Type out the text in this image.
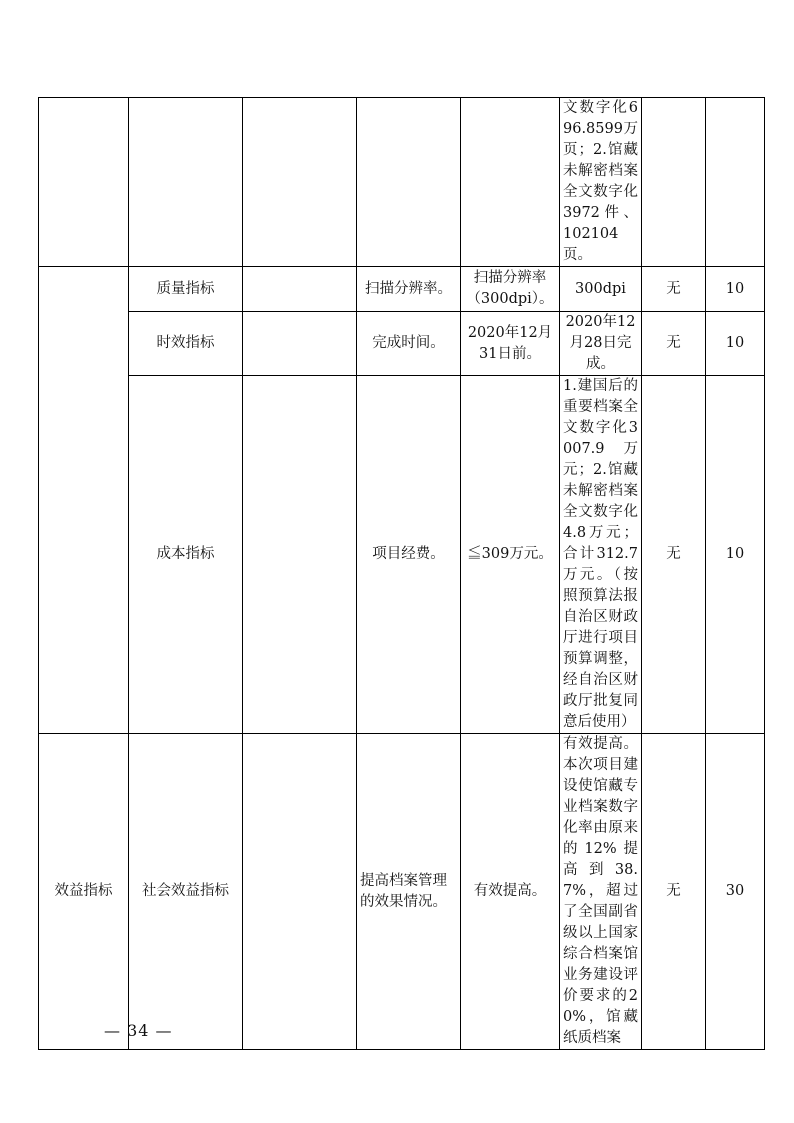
					文数字化696.8599万页；2.馆藏未解密档案全文数字化3972件、102104页。		
	质量指标		扫描分辨率。	扫描分辨率（300dpi）。	300dpi	无	10
	时效指标		完成时间。	2020年12月31日前。	2020年12月28日完成。	无	10
	成本指标		项目经费。	≦309万元。	1.建国后的重要档案全文数字化3007.9万元；2.馆藏未解密档案全文数字化4.8万元；合计312.7万元。（按照预算法报自治区财政厅进行项目预算调整，经自治区财政厅批复同意后使用）	无	10
效益指标	社会效益指标		提高档案管理的效果情况。	有效提高。	有效提高。本次项目建设使馆藏专业档案数字化率由原来的12%提高到38.7%，超过了全国副省级以上国家综合档案馆业务建设评价要求的20%，馆藏纸质档案	无	30
— 34 —
